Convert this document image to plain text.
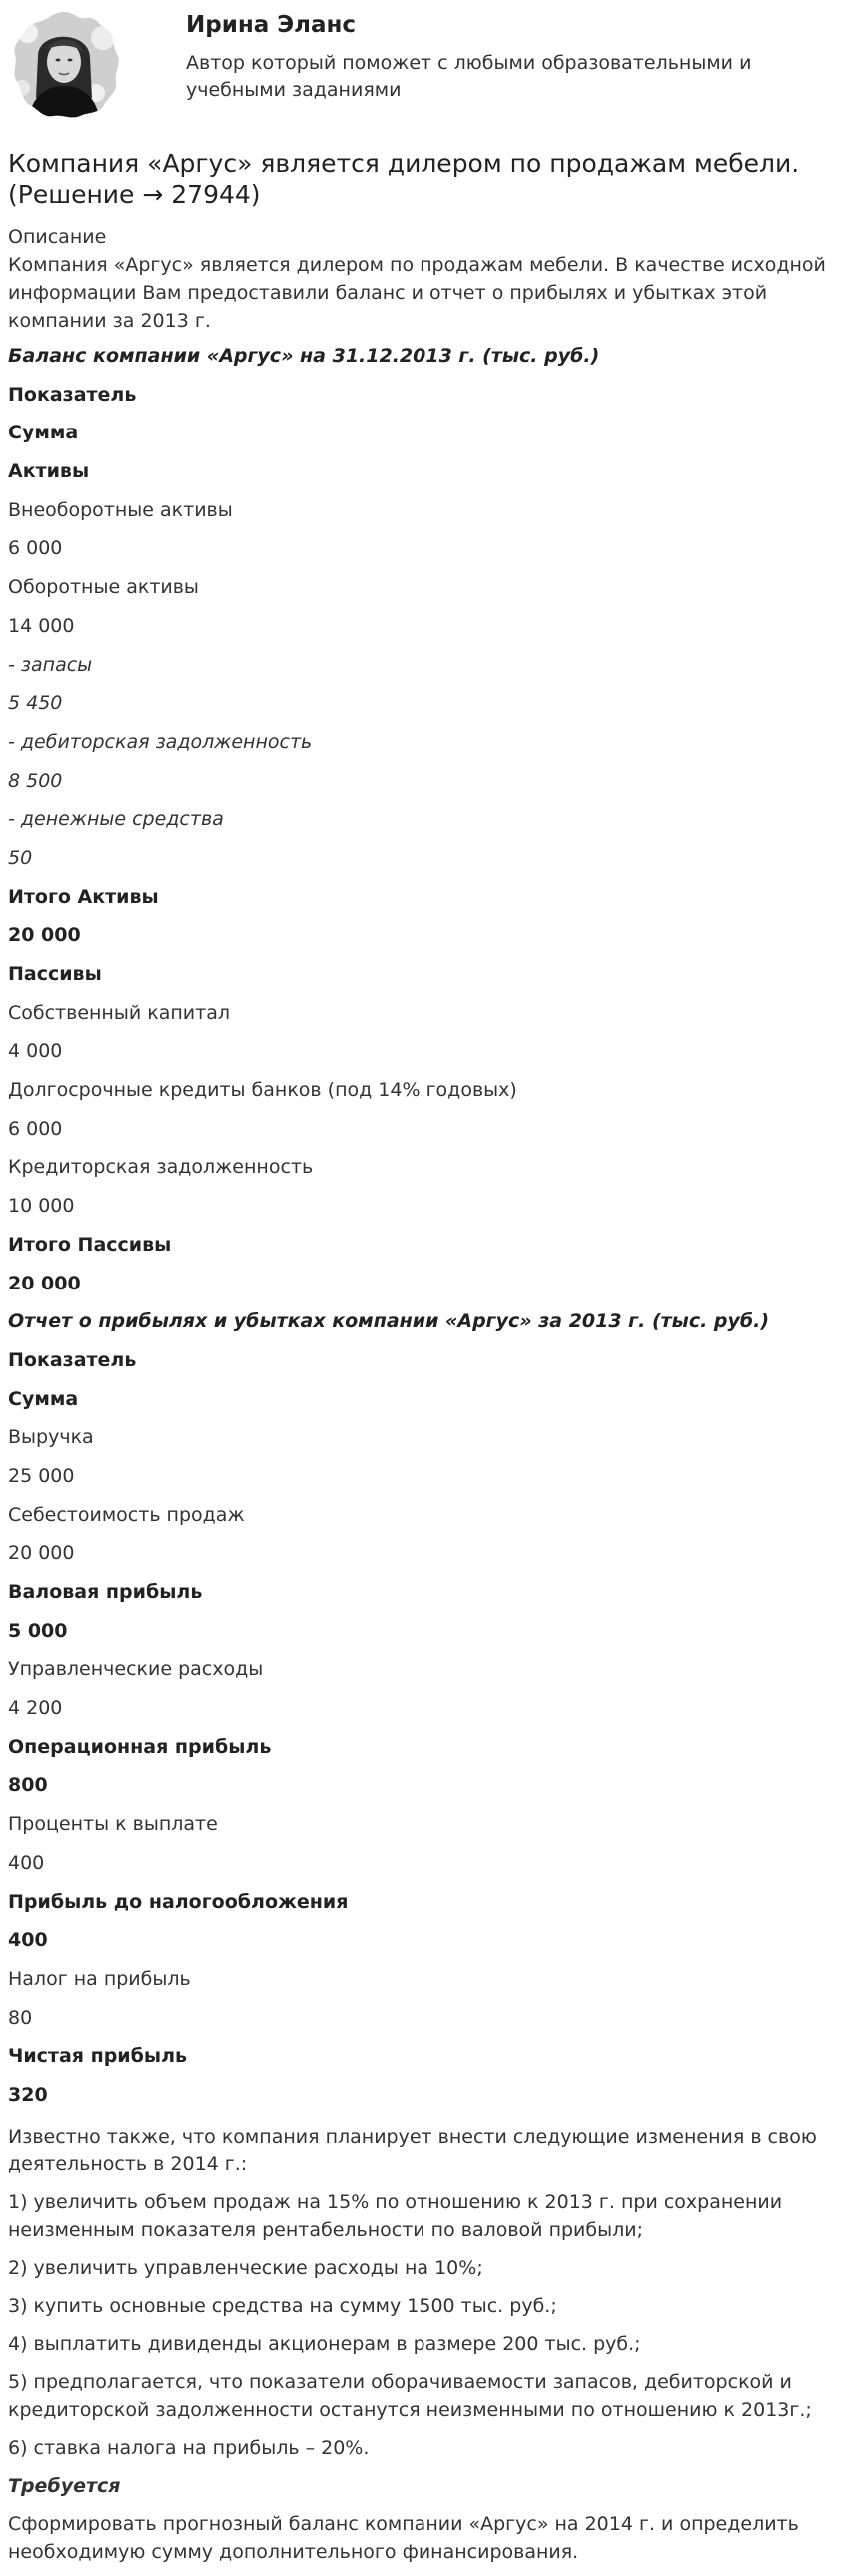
Ирина Эланс
Автор который поможет с любыми образовательными и учебными заданиями
Компания «Аргус» является дилером по продажам мебели. (Решение → 27944)
Описание
Компания «Аргус» является дилером по продажам мебели. В качестве исходной информации Вам предоставили баланс и отчет о прибылях и убытках этой компании за 2013 г.
Баланс компании «Аргус» на 31.12.2013 г. (тыс. руб.)
Показатель
Сумма
Активы
Внеоборотные активы
6 000
Оборотные активы
14 000
- запасы
5 450
- дебиторская задолженность
8 500
- денежные средства
50
Итого Активы
20 000
Пассивы
Собственный капитал
4 000
Долгосрочные кредиты банков (под 14% годовых)
6 000
Кредиторская задолженность
10 000
Итого Пассивы
20 000
Отчет о прибылях и убытках компании «Аргус» за 2013 г. (тыс. руб.)
Показатель
Сумма
Выручка
25 000
Себестоимость продаж
20 000
Валовая прибыль
5 000
Управленческие расходы
4 200
Операционная прибыль
800
Проценты к выплате
400
Прибыль до налогообложения
400
Налог на прибыль
80
Чистая прибыль
320
Известно также, что компания планирует внести следующие изменения в свою деятельность в 2014 г.:
1) увеличить объем продаж на 15% по отношению к 2013 г. при сохранении неизменным показателя рентабельности по валовой прибыли;
2) увеличить управленческие расходы на 10%;
3) купить основные средства на сумму 1500 тыс. руб.;
4) выплатить дивиденды акционерам в размере 200 тыс. руб.;
5) предполагается, что показатели оборачиваемости запасов, дебиторской и кредиторской задолженности останутся неизменными по отношению к 2013г.;
6) ставка налога на прибыль – 20%.
Требуется
Сформировать прогнозный баланс компании «Аргус» на 2014 г. и определить необходимую сумму дополнительного финансирования.
